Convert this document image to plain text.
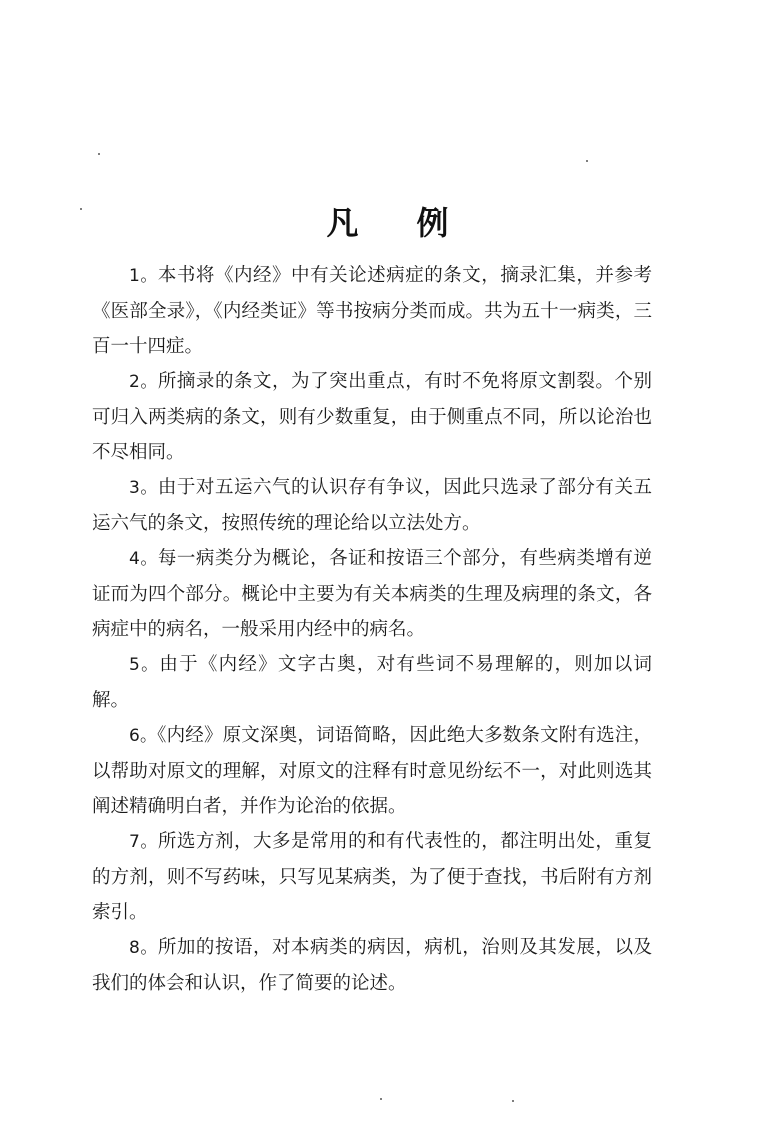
凡 例

1。本书将《内经》中有关论述病症的条文，摘录汇集，并参考《医部全录》，《内经类证》等书按病分类而成。共为五十一病类，三百一十四症。

2。所摘录的条文，为了突出重点，有时不免将原文割裂。个别可归入两类病的条文，则有少数重复，由于侧重点不同，所以论治也不尽相同。

3。由于对五运六气的认识存有争议，因此只选录了部分有关五运六气的条文，按照传统的理论给以立法处方。

4。每一病类分为概论，各证和按语三个部分，有些病类增有逆证而为四个部分。概论中主要为有关本病类的生理及病理的条文，各病症中的病名，一般采用内经中的病名。

5。由于《内经》文字古奥，对有些词不易理解的，则加以词解。

6。《内经》原文深奥，词语简略，因此绝大多数条文附有选注，以帮助对原文的理解，对原文的注释有时意见纷纭不一，对此则选其阐述精确明白者，并作为论治的依据。

7。所选方剂，大多是常用的和有代表性的，都注明出处，重复的方剂，则不写药味，只写见某病类，为了便于查找，书后附有方剂索引。

8。所加的按语，对本病类的病因，病机，治则及其发展，以及我们的体会和认识，作了简要的论述。
